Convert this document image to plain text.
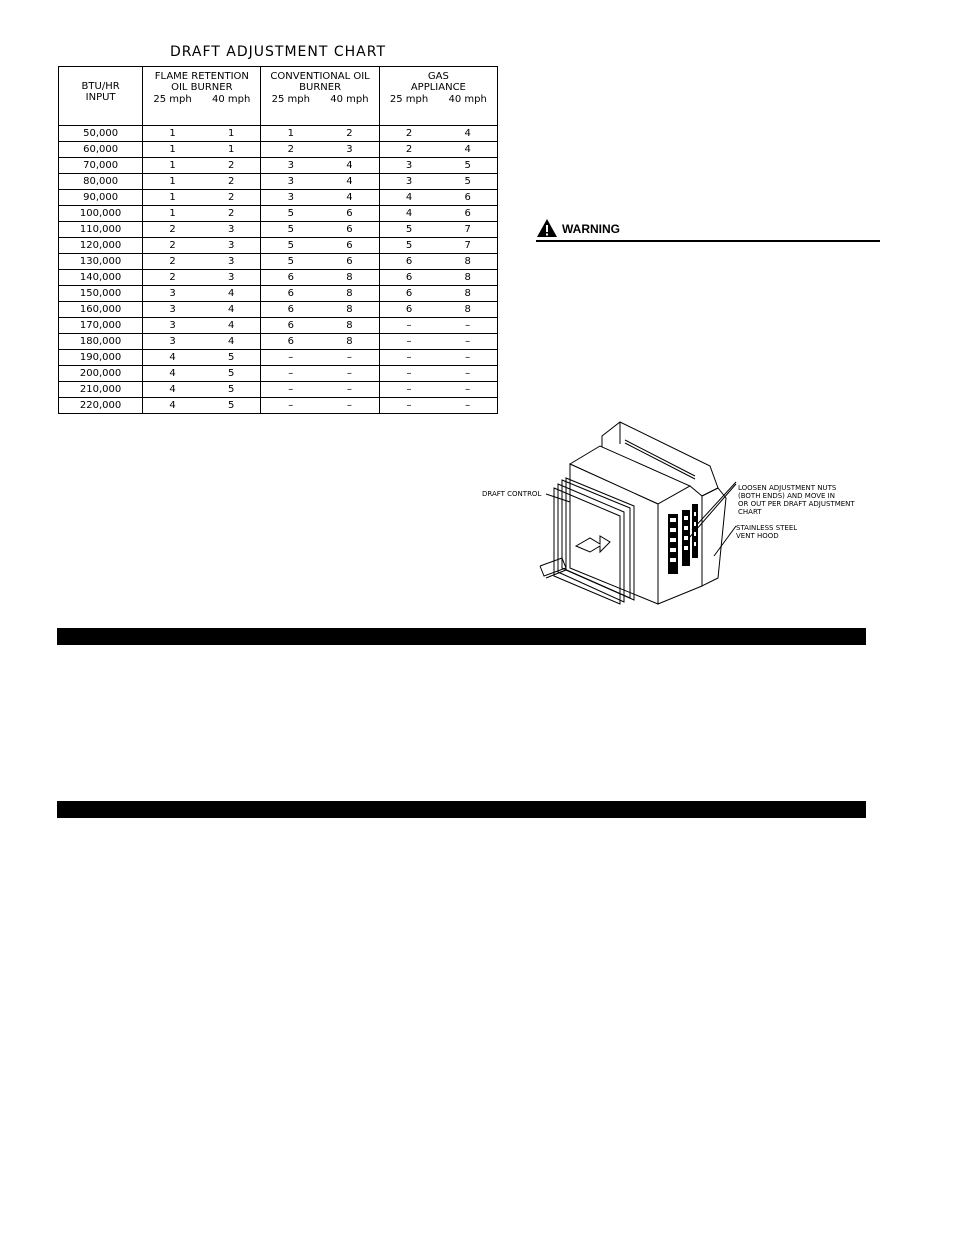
DRAFT ADJUSTMENT CHART
BTU/HR
INPUT	FLAME RETENTION
OIL BURNER
25 mph 40 mph	CONVENTIONAL OIL
BURNER
25 mph 40 mph	GAS
APPLIANCE
25 mph 40 mph

50,000	1 1	1 2	2 4

60,000	1 1	2 3	2 4

70,000	1 2	3 4	3 5

80,000	1 2	3 4	3 5

90,000	1 2	3 4	4 6

100,000	1 2	5 6	4 6

110,000	2 3	5 6	5 7

120,000	2 3	5 6	5 7

130,000	2 3	5 6	6 8

140,000	2 3	6 8	6 8

150,000	3 4	6 8	6 8

160,000	3 4	6 8	6 8

170,000	3 4	6 8	– –

180,000	3 4	6 8	– –

190,000	4 5	– –	– –

200,000	4 5	– –	– –

210,000	4 5	– –	– –

220,000	4 5	– –	– –
WARNING
DRAFT CONTROL
LOOSEN ADJUSTMENT NUTS
(BOTH ENDS) AND MOVE IN
OR OUT PER DRAFT ADJUSTMENT
CHART
STAINLESS STEEL
VENT HOOD
